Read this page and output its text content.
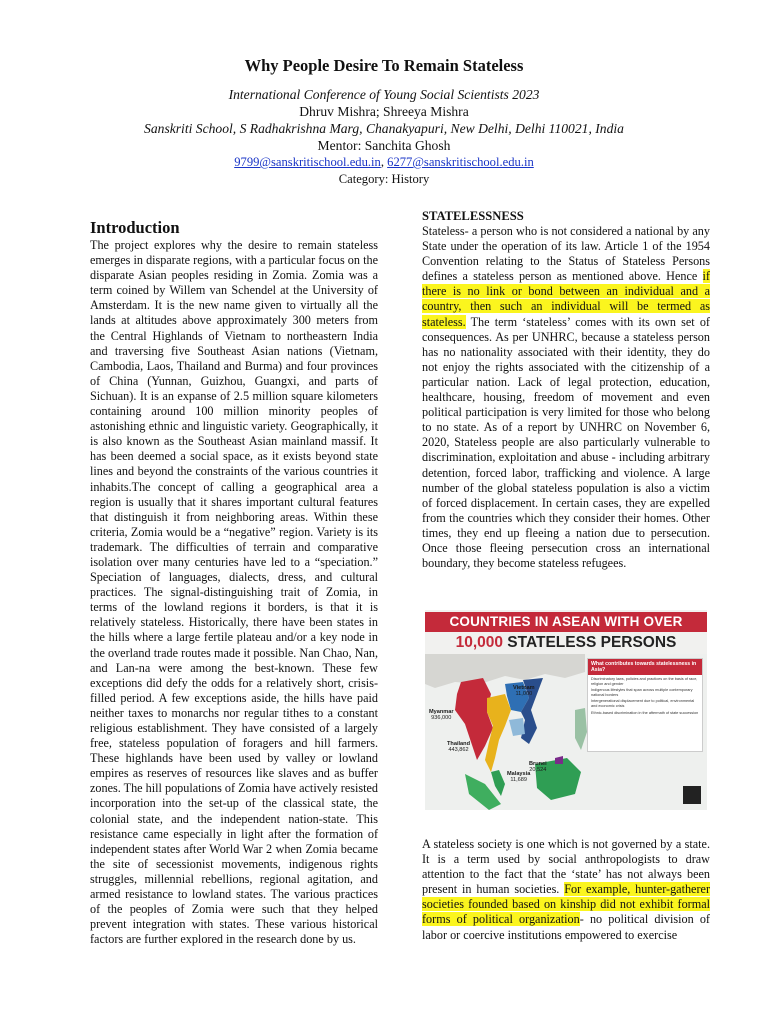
Why People Desire To Remain Stateless
International Conference of Young Social Scientists 2023
Dhruv Mishra; Shreeya Mishra
Sanskriti School, S Radhakrishna Marg, Chanakyapuri, New Delhi, Delhi 110021, India
Mentor: Sanchita Ghosh
9799@sanskritischool.edu.in, 6277@sanskritischool.edu.in
Category: History
Introduction

The project explores why the desire to remain stateless emerges in disparate regions, with a particular focus on the disparate Asian peoples residing in Zomia. Zomia was a term coined by Willem van Schendel at the University of Amsterdam. It is the new name given to virtually all the lands at altitudes above approximately 300 meters from the Central Highlands of Vietnam to northeastern India and traversing five Southeast Asian nations (Vietnam, Cambodia, Laos, Thailand and Burma) and four provinces of China (Yunnan, Guizhou, Guangxi, and parts of Sichuan). It is an expanse of 2.5 million square kilometers containing around 100 million minority peoples of astonishing ethnic and linguistic variety. Geographically, it is also known as the Southeast Asian mainland massif. It has been deemed a social space, as it exists beyond state lines and beyond the constraints of the various countries it inhabits.The concept of calling a geographical area a region is usually that it shares important cultural features that distinguish it from neighboring areas. Within these criteria, Zomia would be a “negative” region. Variety is its trademark. The difficulties of terrain and comparative isolation over many centuries have led to a “speciation.” Speciation of languages, dialects, dress, and cultural practices. The signal-distinguishing trait of Zomia, in terms of the lowland regions it borders, is that it is relatively stateless. Historically, there have been states in the hills where a large fertile plateau and/or a key node in the overland trade routes made it possible. Nan Chao, Nan, and Lan-na were among the best-known. These few exceptions did defy the odds for a relatively short, crisis-filled period. A few exceptions aside, the hills have paid neither taxes to monarchs nor regular tithes to a constant religious establishment. They have consisted of a largely free, stateless population of foragers and hill farmers. These highlands have been used by valley or lowland empires as reserves of resources like slaves and as buffer zones. The hill populations of Zomia have actively resisted incorporation into the set-up of the classical state, the colonial state, and the independent nation-state. This resistance came especially in light after the formation of independent states after World War 2 when Zomia became the site of secessionist movements, indigenous rights struggles, millennial rebellions, regional agitation, and armed resistance to lowland states. The various practices of the peoples of Zomia were such that they helped prevent integration with states. These various historical factors are further explored in the research done by us.

STATELESSNESS

Stateless- a person who is not considered a national by any State under the operation of its law. Article 1 of the 1954 Convention relating to the Status of Stateless Persons defines a stateless person as mentioned above. Hence if there is no link or bond between an individual and a country, then such an individual will be termed as stateless. The term ‘stateless’ comes with its own set of consequences. As per UNHRC, because a stateless person has no nationality associated with their identity, they do not enjoy the rights associated with the citizenship of a particular nation. Lack of legal protection, education, healthcare, housing, freedom of movement and even political participation is very limited for those who belong to no state. As of a report by UNHRC on November 6, 2020, Stateless people are also particularly vulnerable to discrimination, exploitation and abuse - including arbitrary detention, forced labor, trafficking and violence. A large number of the global stateless population is also a victim of forced displacement. In certain cases, they are expelled from the countries which they consider their homes. Other times, they end up fleeing a nation due to persecution. Once those fleeing persecution cross an international boundary, they become stateless refugees.

COUNTRIES IN ASEAN WITH OVER
10,000 STATELESS PERSONS
Myanmar
936,000
Vietnam
11,000
Thailand
443,862
Brunei
20,524
Malaysia
11,689
What contributes towards statelessness in Asia?
Discriminatory laws, policies and practices on the basis of race, religion and gender
Indigenous lifestyles that span across multiple contemporary national borders
Intergenerational displacement due to political, environmental and economic crisis
Ethnic-based discrimination in the aftermath of state succession

A stateless society is one which is not governed by a state. It is a term used by social anthropologists to draw attention to the fact that the ‘state’ has not always been present in human societies. For example, hunter-gatherer societies founded based on kinship did not exhibit formal forms of political organization- no political division of labor or coercive institutions empowered to exercise
